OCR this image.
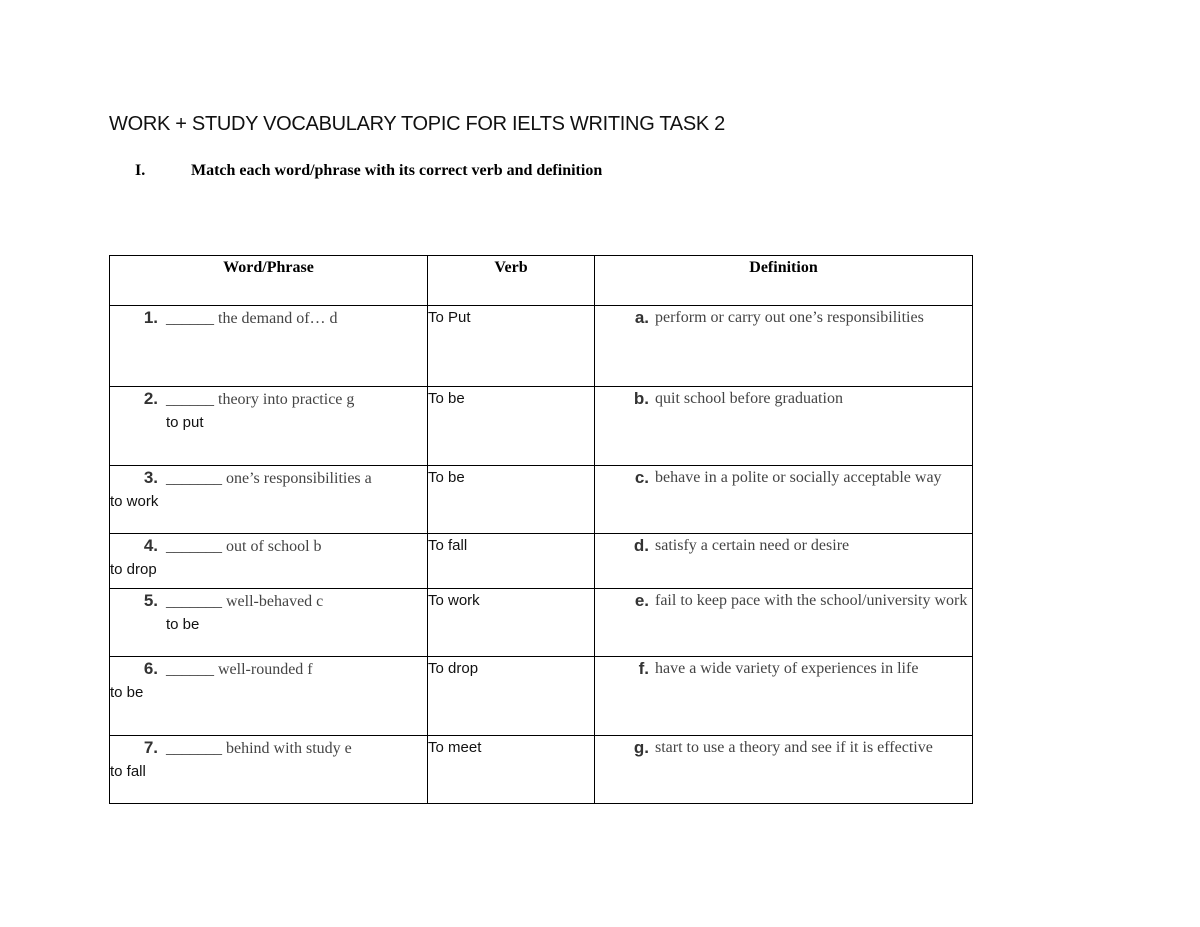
WORK + STUDY VOCABULARY TOPIC FOR IELTS WRITING TASK 2
I.	Match each word/phrase with its correct verb and definition
Word/Phrase	Verb	Definition
1. ______ the demand of… d	To Put	a. perform or carry out one’s responsibilities

2. ______ theory into practice g
to put	To be	b. quit school before graduation

3. _______ one’s responsibilities a
to work	To be	c. behave in a polite or socially acceptable way

4. _______ out of school b
to drop	To fall	d. satisfy a certain need or desire

5. _______ well-behaved c
to be	To work	e. fail to keep pace with the school/university work

6. ______ well-rounded f
to be	To drop	f. have a wide variety of experiences in life

7. _______ behind with study e
to fall	To meet	g. start to use a theory and see if it is effective
